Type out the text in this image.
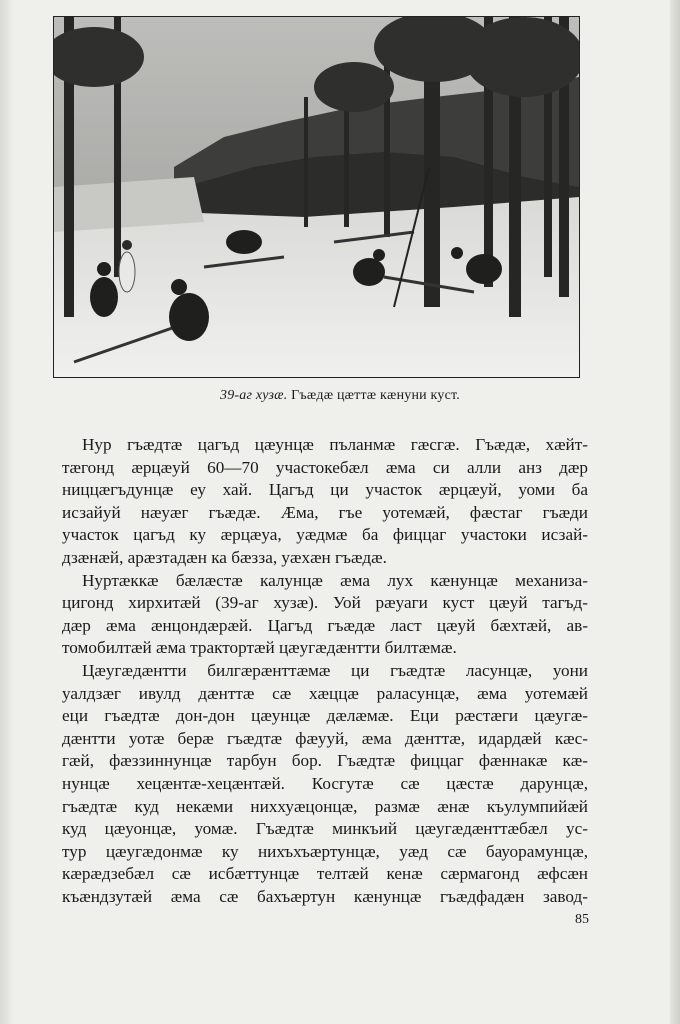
39-аг хузæ. Гъæдæ цæттæ кæнуни куст.
Нур гъæдтæ цагъд цæунцæ пъланмæ гæсгæ. Гъæдæ, хæйт-
тæгонд æрцæуй 60—70 участокебæл æма си алли анз дæр
ниццæгъдунцæ еу хай. Цагъд ци участок æрцæуй, уоми ба
исзайуй нæуæг гъæдæ. Æма, гъе уотемæй, фæстаг гъæди
участок цагъд ку æрцæуа, уæдмæ ба фиццаг участоки исзай-
дзæнæй, арæзтадæн ка бæзза, уæхæн гъæдæ.
Нуртæккæ бæлæстæ калунцæ æма лух кæнунцæ механиза-
цигонд хирхитæй (39-аг хузæ). Уой рæуаги куст цæуй тагъд-
дæр æма æнцондæрæй. Цагъд гъæдæ ласт цæуй бæхтæй, ав-
томобилтæй æма трактортæй цæугæдæнтти билтæмæ.
Цæугæдæнтти билгæрæнттæмæ ци гъæдтæ ласунцæ, уони
уалдзæг ивулд дæнттæ сæ хæццæ раласунцæ, æма уотемæй
еци гъæдтæ дон-дон цæунцæ дæлæмæ. Еци рæстæги цæугæ-
дæнтти уотæ берæ гъæдтæ фæууй, æма дæнттæ, идардæй кæс-
гæй, фæззиннунцæ тарбун бор. Гъæдтæ фиццаг фæннакæ кæ-
нунцæ хецæнтæ-хецæнтæй. Косгутæ сæ цæстæ дарунцæ,
гъæдтæ куд некæми ниххуæцонцæ, размæ æнæ къулумпийæй
куд цæуонцæ, уомæ. Гъæдтæ минкъий цæугæдæнттæбæл ус-
тур цæугæдонмæ ку нихъхъæртунцæ, уæд сæ бауорамунцæ,
кæрæдзебæл сæ исбæттунцæ телтæй кенæ сæрмагонд æфсæн
къæндзутæй æма сæ бахъæртун кæнунцæ гъæдфадæн завод-
85
